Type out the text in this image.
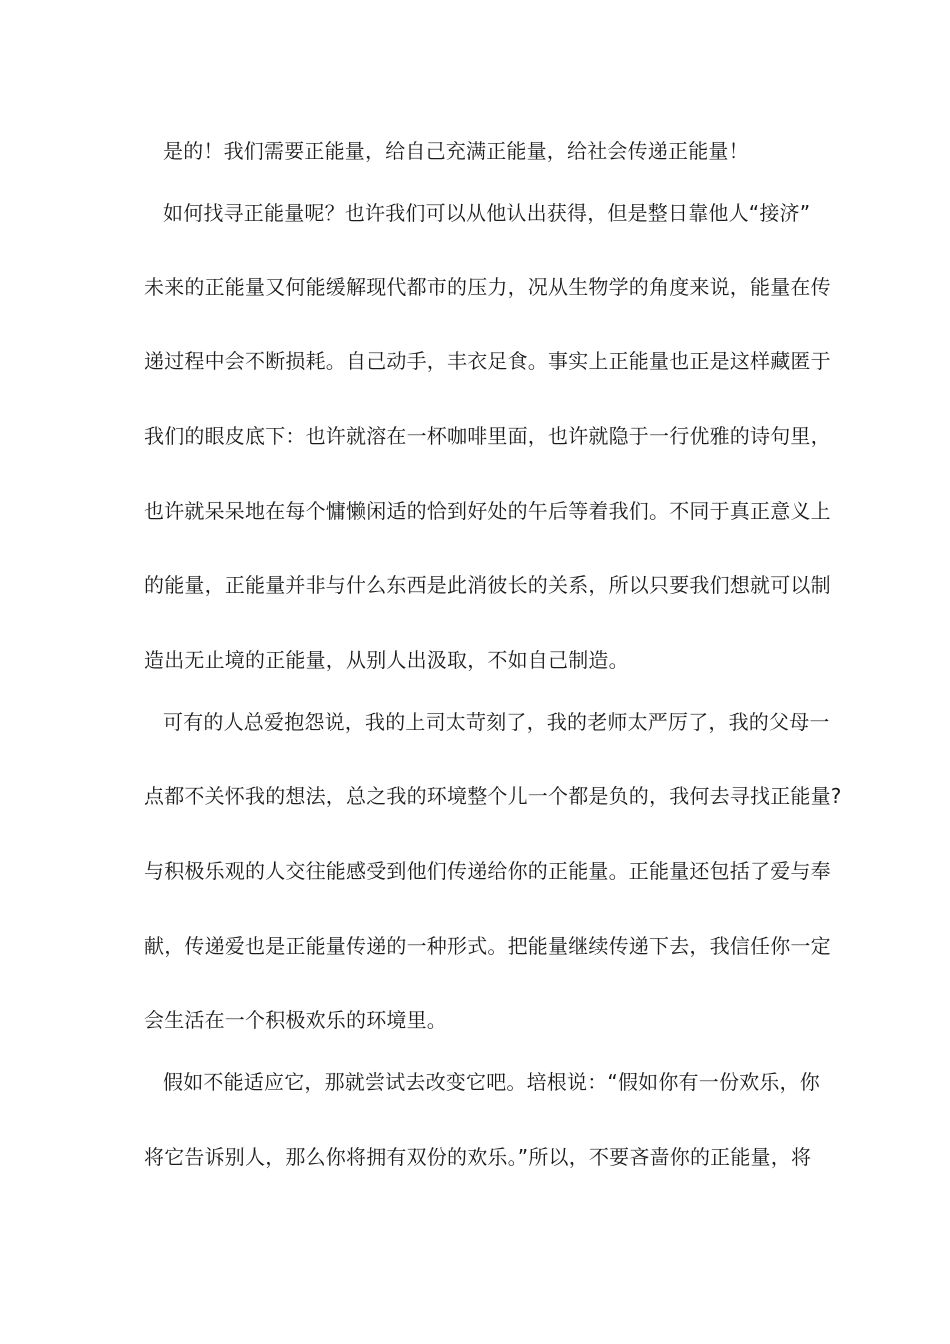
是的！我们需要正能量，给自己充满正能量，给社会传递正能量！
如何找寻正能量呢？也许我们可以从他认出获得，但是整日靠他人“接济”
未来的正能量又何能缓解现代都市的压力，况从生物学的角度来说，能量在传
递过程中会不断损耗。自己动手，丰衣足食。事实上正能量也正是这样藏匿于
我们的眼皮底下：也许就溶在一杯咖啡里面，也许就隐于一行优雅的诗句里，
也许就呆呆地在每个慵懒闲适的恰到好处的午后等着我们。不同于真正意义上
的能量，正能量并非与什么东西是此消彼长的关系，所以只要我们想就可以制
造出无止境的正能量，从别人出汲取，不如自己制造。
可有的人总爱抱怨说，我的上司太苛刻了，我的老师太严厉了，我的父母一
点都不关怀我的想法，总之我的环境整个儿一个都是负的，我何去寻找正能量?
与积极乐观的人交往能感受到他们传递给你的正能量。正能量还包括了爱与奉
献，传递爱也是正能量传递的一种形式。把能量继续传递下去，我信任你一定
会生活在一个积极欢乐的环境里。
假如不能适应它，那就尝试去改变它吧。培根说：“假如你有一份欢乐，你
将它告诉别人，那么你将拥有双份的欢乐。”所以，不要吝啬你的正能量，将
